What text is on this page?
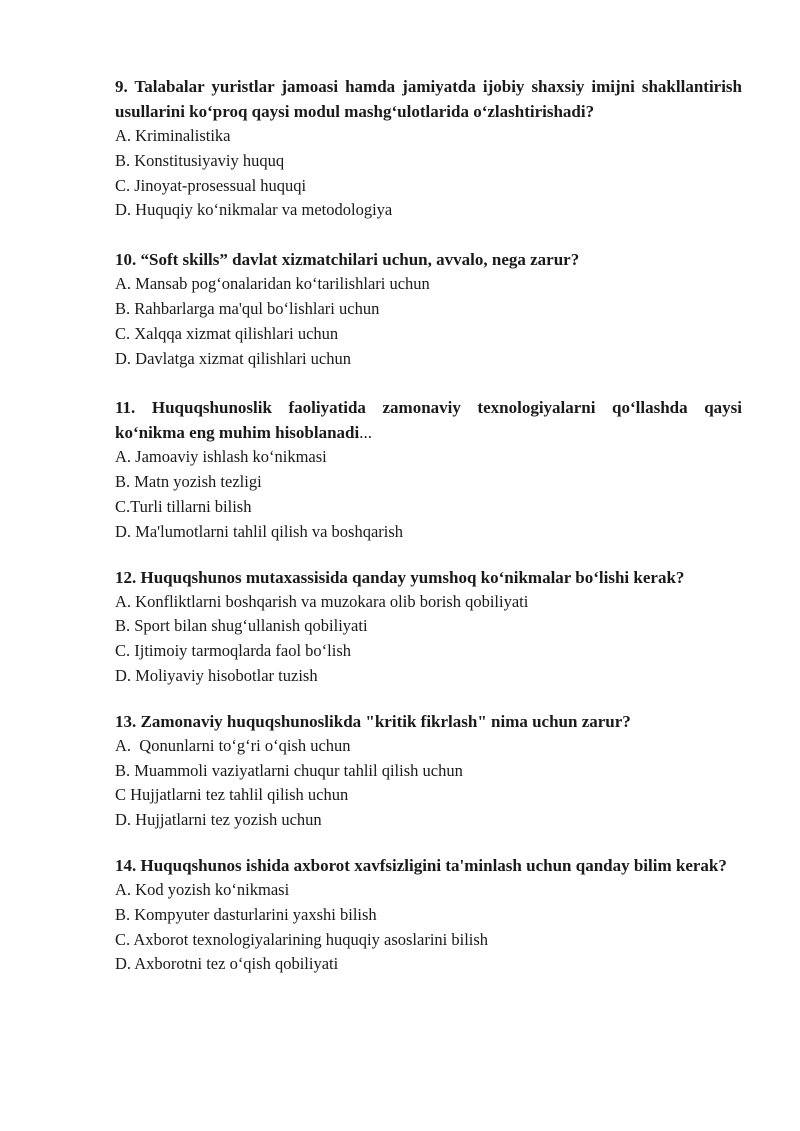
9. Talabalar yuristlar jamoasi hamda jamiyatda ijobiy shaxsiy imijni shakllantirish usullarini ko‘proq qaysi modul mashg‘ulotlarida o‘zlashtirishadi?

A. Kriminalistika

B. Konstitusiyaviy huquq

C. Jinoyat-prosessual huquqi

D. Huquqiy ko‘nikmalar va metodologiya

10. “Soft skills” davlat xizmatchilari uchun, avvalo, nega zarur?

A. Mansab pog‘onalaridan ko‘tarilishlari uchun

B. Rahbarlarga ma'qul bo‘lishlari uchun

C. Xalqqa xizmat qilishlari uchun

D. Davlatga xizmat qilishlari uchun

11. Huquqshunoslik faoliyatida zamonaviy texnologiyalarni qo‘llashda qaysi ko‘nikma eng muhim hisoblanadi...

A. Jamoaviy ishlash ko‘nikmasi

B. Matn yozish tezligi

C.Turli tillarni bilish

D. Ma'lumotlarni tahlil qilish va boshqarish

12. Huquqshunos mutaxassisida qanday yumshoq ko‘nikmalar bo‘lishi kerak?

A. Konfliktlarni boshqarish va muzokara olib borish qobiliyati

B. Sport bilan shug‘ullanish qobiliyati

C. Ijtimoiy tarmoqlarda faol bo‘lish

D. Moliyaviy hisobotlar tuzish

13. Zamonaviy huquqshunoslikda "kritik fikrlash" nima uchun zarur?

A.  Qonunlarni to‘g‘ri o‘qish uchun

B. Muammoli vaziyatlarni chuqur tahlil qilish uchun

C Hujjatlarni tez tahlil qilish uchun

D. Hujjatlarni tez yozish uchun

14. Huquqshunos ishida axborot xavfsizligini ta'minlash uchun qanday bilim kerak?

A. Kod yozish ko‘nikmasi

B. Kompyuter dasturlarini yaxshi bilish

C. Axborot texnologiyalarining huquqiy asoslarini bilish

D. Axborotni tez o‘qish qobiliyati
